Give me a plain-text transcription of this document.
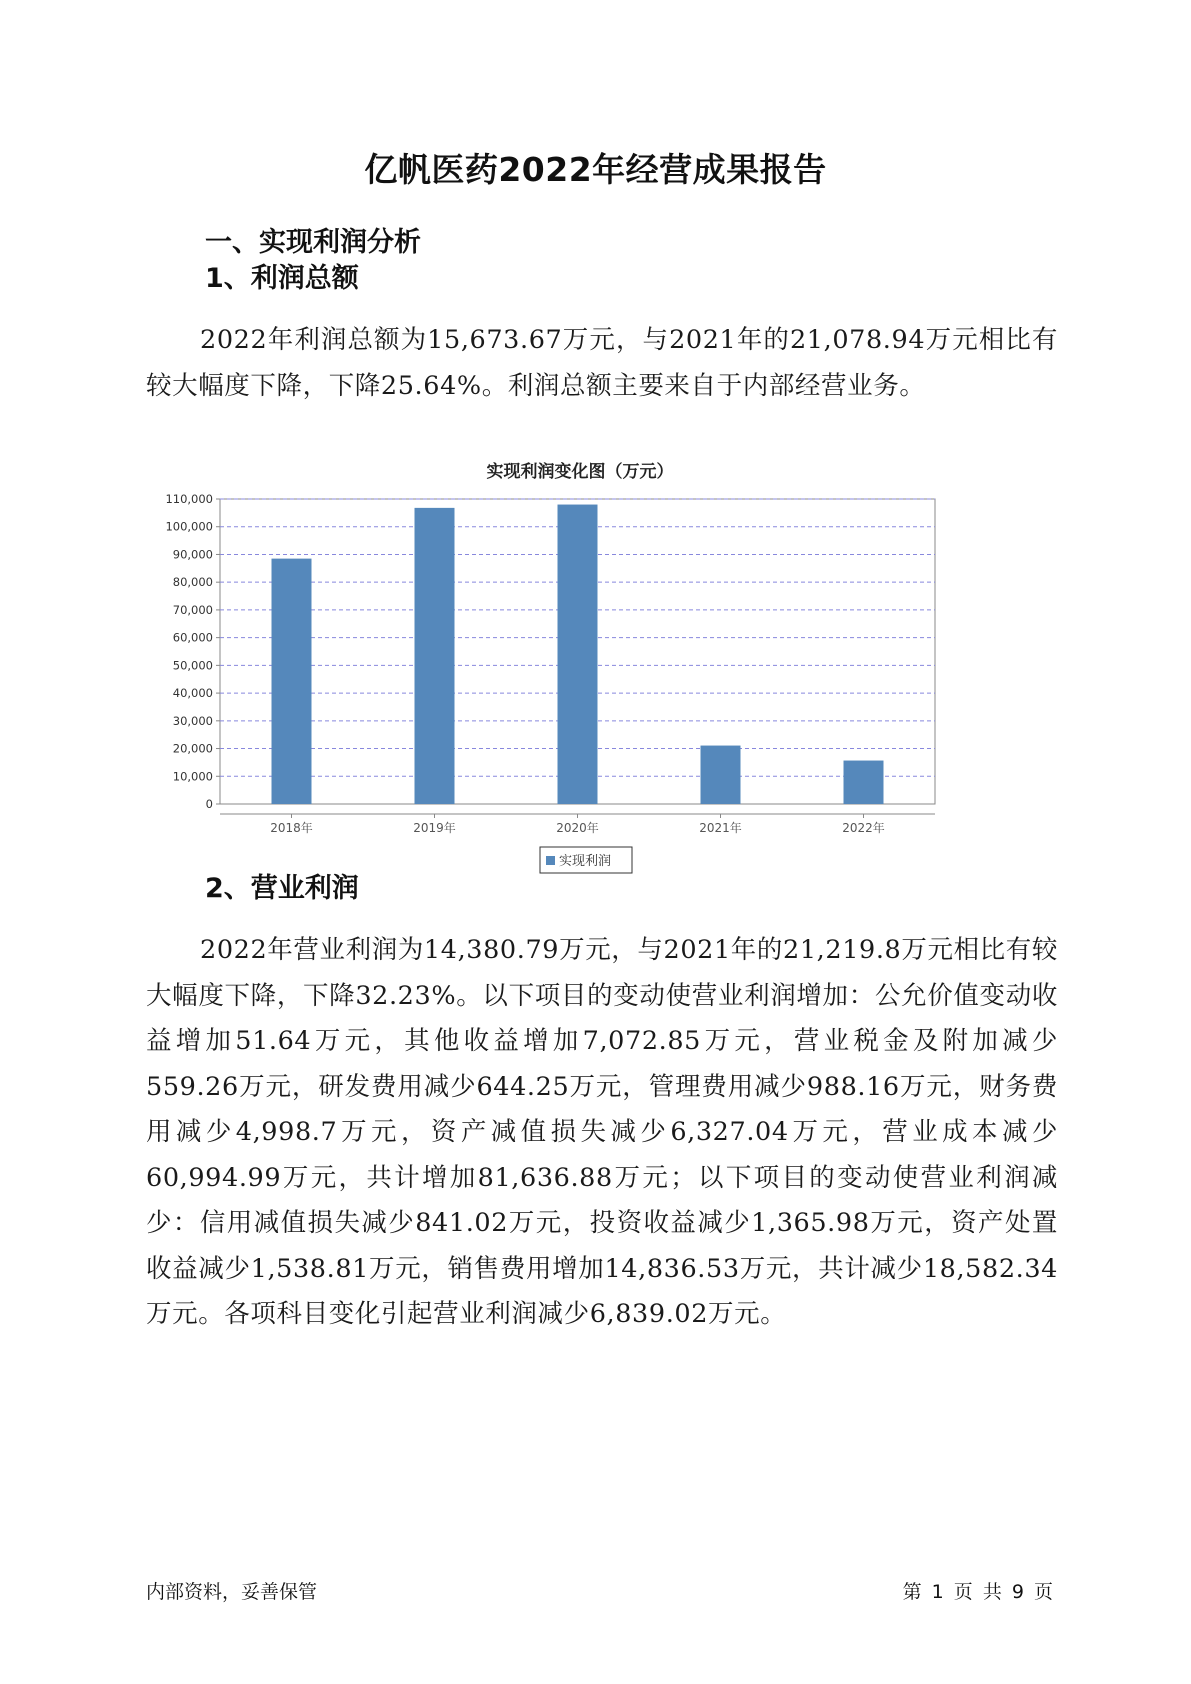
亿帆医药2022年经营成果报告
一、实现利润分析
1、利润总额
2022年利润总额为15,673.67万元，与2021年的21,078.94万元相比有较大幅度下降，下降25.64%。利润总额主要来自于内部经营业务。
实现利润变化图（万元）
0
10,000
20,000
30,000
40,000
50,000
60,000
70,000
80,000
90,000
100,000
110,000
2018年	2019年	2020年	2021年	2022年
实现利润
2、营业利润
2022年营业利润为14,380.79万元，与2021年的21,219.8万元相比有较大幅度下降，下降32.23%。以下项目的变动使营业利润增加：公允价值变动收益增加51.64万元，其他收益增加7,072.85万元，营业税金及附加减少559.26万元，研发费用减少644.25万元，管理费用减少988.16万元，财务费用减少4,998.7万元，资产减值损失减少6,327.04万元，营业成本减少60,994.99万元，共计增加81,636.88万元；以下项目的变动使营业利润减少：信用减值损失减少841.02万元，投资收益减少1,365.98万元，资产处置收益减少1,538.81万元，销售费用增加14,836.53万元，共计减少18,582.34万元。各项科目变化引起营业利润减少6,839.02万元。
内部资料，妥善保管	第 1 页 共 9 页
